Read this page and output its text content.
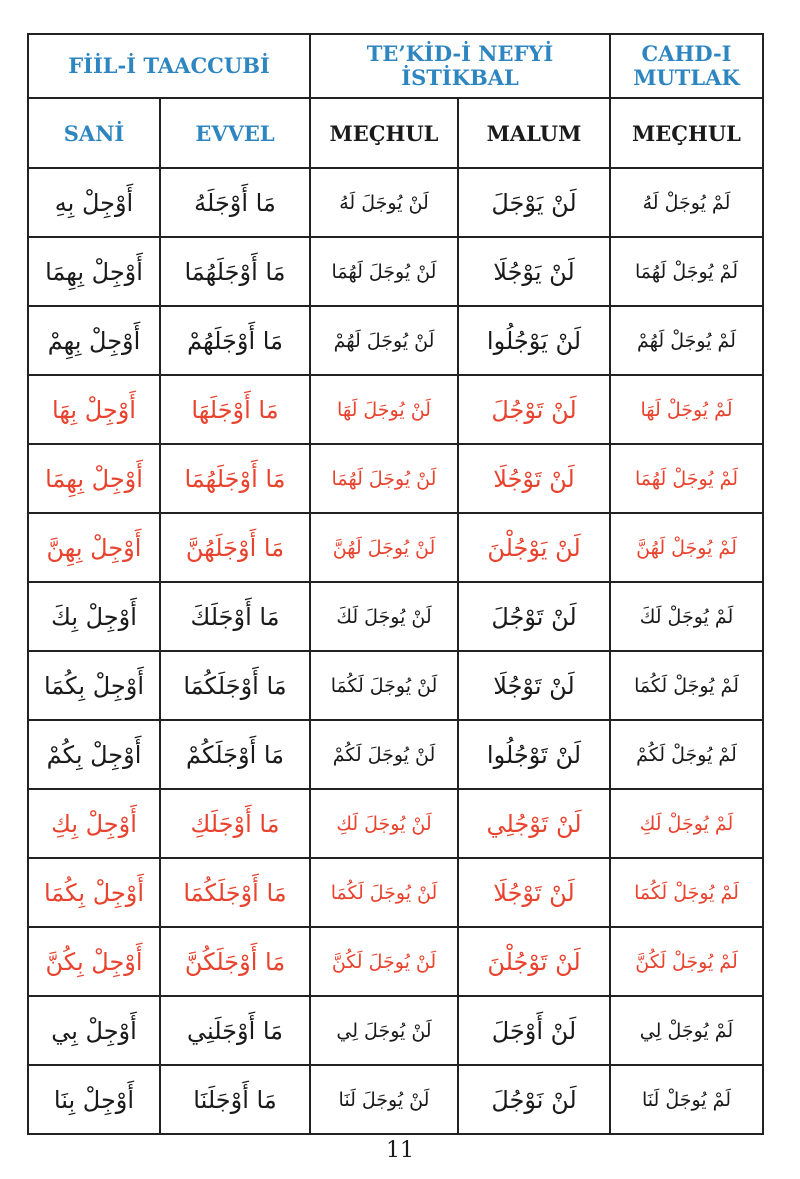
FİİL-İ TAACCUBİ		TE’KİD-İ NEFYİ İSTİKBAL		CAHD-I MUTLAK
SANİ	EVVEL	MEÇHUL	MALUM	MEÇHUL
أَوْجِلْ بِهِ	مَا أَوْجَلَهُ	لَنْ يُوجَلَ لَهُ	لَنْ يَوْجَلَ	لَمْ يُوجَلْ لَهُ
أَوْجِلْ بِهِمَا	مَا أَوْجَلَهُمَا	لَنْ يُوجَلَ لَهُمَا	لَنْ يَوْجُلَا	لَمْ يُوجَلْ لَهُمَا
أَوْجِلْ بِهِمْ	مَا أَوْجَلَهُمْ	لَنْ يُوجَلَ لَهُمْ	لَنْ يَوْجُلُوا	لَمْ يُوجَلْ لَهُمْ
أَوْجِلْ بِهَا	مَا أَوْجَلَهَا	لَنْ يُوجَلَ لَهَا	لَنْ تَوْجُلَ	لَمْ يُوجَلْ لَهَا
أَوْجِلْ بِهِمَا	مَا أَوْجَلَهُمَا	لَنْ يُوجَلَ لَهُمَا	لَنْ تَوْجُلَا	لَمْ يُوجَلْ لَهُمَا
أَوْجِلْ بِهِنَّ	مَا أَوْجَلَهُنَّ	لَنْ يُوجَلَ لَهُنَّ	لَنْ يَوْجُلْنَ	لَمْ يُوجَلْ لَهُنَّ
أَوْجِلْ بِكَ	مَا أَوْجَلَكَ	لَنْ يُوجَلَ لَكَ	لَنْ تَوْجُلَ	لَمْ يُوجَلْ لَكَ
أَوْجِلْ بِكُمَا	مَا أَوْجَلَكُمَا	لَنْ يُوجَلَ لَكُمَا	لَنْ تَوْجُلَا	لَمْ يُوجَلْ لَكُمَا
أَوْجِلْ بِكُمْ	مَا أَوْجَلَكُمْ	لَنْ يُوجَلَ لَكُمْ	لَنْ تَوْجُلُوا	لَمْ يُوجَلْ لَكُمْ
أَوْجِلْ بِكِ	مَا أَوْجَلَكِ	لَنْ يُوجَلَ لَكِ	لَنْ تَوْجُلِي	لَمْ يُوجَلْ لَكِ
أَوْجِلْ بِكُمَا	مَا أَوْجَلَكُمَا	لَنْ يُوجَلَ لَكُمَا	لَنْ تَوْجُلَا	لَمْ يُوجَلْ لَكُمَا
أَوْجِلْ بِكُنَّ	مَا أَوْجَلَكُنَّ	لَنْ يُوجَلَ لَكُنَّ	لَنْ تَوْجُلْنَ	لَمْ يُوجَلْ لَكُنَّ
أَوْجِلْ بِي	مَا أَوْجَلَنِي	لَنْ يُوجَلَ لِي	لَنْ أَوْجَلَ	لَمْ يُوجَلْ لِي
أَوْجِلْ بِنَا	مَا أَوْجَلَنَا	لَنْ يُوجَلَ لَنَا	لَنْ نَوْجُلَ	لَمْ يُوجَلْ لَنَا
11
